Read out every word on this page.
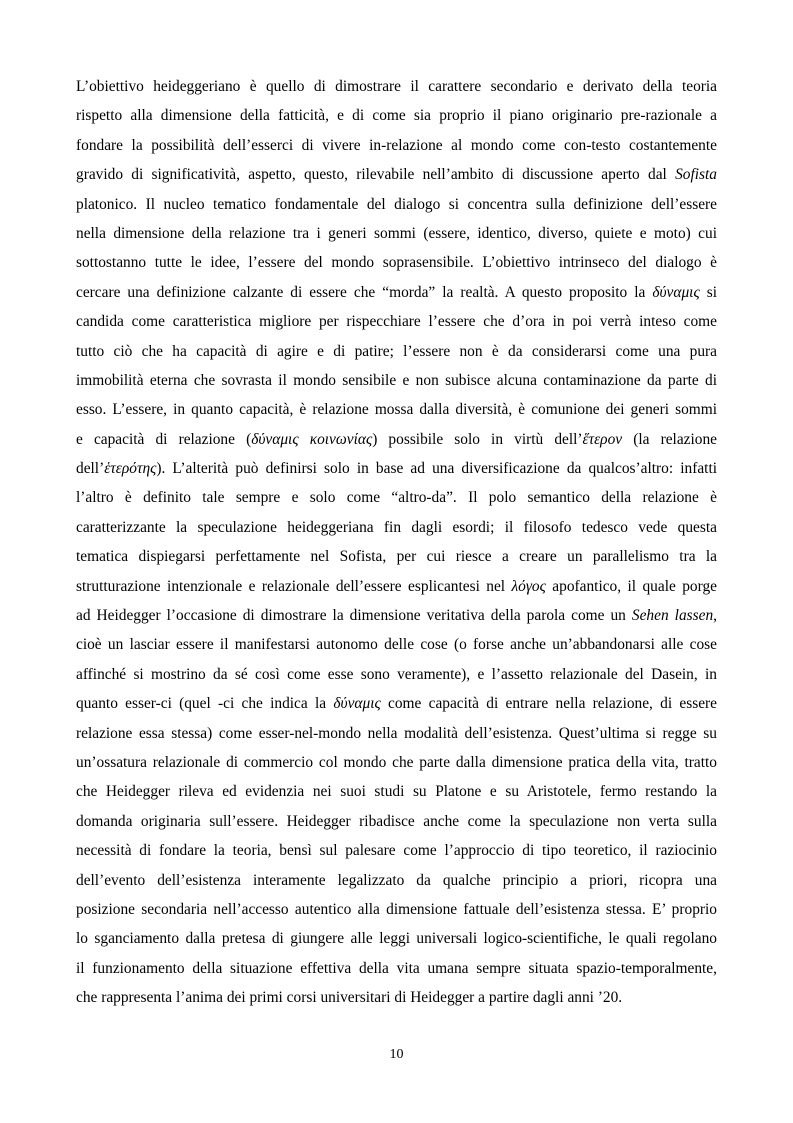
L’obiettivo heideggeriano è quello di dimostrare il carattere secondario e derivato della teoria
rispetto alla dimensione della fatticità, e di come sia proprio il piano originario pre-razionale a
fondare la possibilità dell’esserci di vivere in-relazione al mondo come con-testo costantemente
gravido di significatività, aspetto, questo, rilevabile nell’ambito di discussione aperto dal Sofista
platonico. Il nucleo tematico fondamentale del dialogo si concentra sulla definizione dell’essere
nella dimensione della relazione tra i generi sommi (essere, identico, diverso, quiete e moto) cui
sottostanno tutte le idee, l’essere del mondo soprasensibile. L’obiettivo intrinseco del dialogo è
cercare una definizione calzante di essere che “morda” la realtà. A questo proposito la δύναμις si
candida come caratteristica migliore per rispecchiare l’essere che d’ora in poi verrà inteso come
tutto ciò che ha capacità di agire e di patire; l’essere non è da considerarsi come una pura
immobilità eterna che sovrasta il mondo sensibile e non subisce alcuna contaminazione da parte di
esso. L’essere, in quanto capacità, è relazione mossa dalla diversità, è comunione dei generi sommi
e capacità di relazione (δύναμις κοινωνίας) possibile solo in virtù dell’ἕτερον (la relazione
dell’ἑτερότης). L’alterità può definirsi solo in base ad una diversificazione da qualcos’altro: infatti
l’altro è definito tale sempre e solo come “altro-da”. Il polo semantico della relazione è
caratterizzante la speculazione heideggeriana fin dagli esordi; il filosofo tedesco vede questa
tematica dispiegarsi perfettamente nel Sofista, per cui riesce a creare un parallelismo tra la
strutturazione intenzionale e relazionale dell’essere esplicantesi nel λόγος apofantico, il quale porge
ad Heidegger l’occasione di dimostrare la dimensione veritativa della parola come un Sehen lassen,
cioè un lasciar essere il manifestarsi autonomo delle cose (o forse anche un’abbandonarsi alle cose
affinché si mostrino da sé così come esse sono veramente), e l’assetto relazionale del Dasein, in
quanto esser-ci (quel -ci che indica la δύναμις come capacità di entrare nella relazione, di essere
relazione essa stessa) come esser-nel-mondo nella modalità dell’esistenza. Quest’ultima si regge su
un’ossatura relazionale di commercio col mondo che parte dalla dimensione pratica della vita, tratto
che Heidegger rileva ed evidenzia nei suoi studi su Platone e su Aristotele, fermo restando la
domanda originaria sull’essere. Heidegger ribadisce anche come la speculazione non verta sulla
necessità di fondare la teoria, bensì sul palesare come l’approccio di tipo teoretico, il raziocinio
dell’evento dell’esistenza interamente legalizzato da qualche principio a priori, ricopra una
posizione secondaria nell’accesso autentico alla dimensione fattuale dell’esistenza stessa. E’ proprio
lo sganciamento dalla pretesa di giungere alle leggi universali logico-scientifiche, le quali regolano
il funzionamento della situazione effettiva della vita umana sempre situata spazio-temporalmente,
che rappresenta l’anima dei primi corsi universitari di Heidegger a partire dagli anni ’20.
10
